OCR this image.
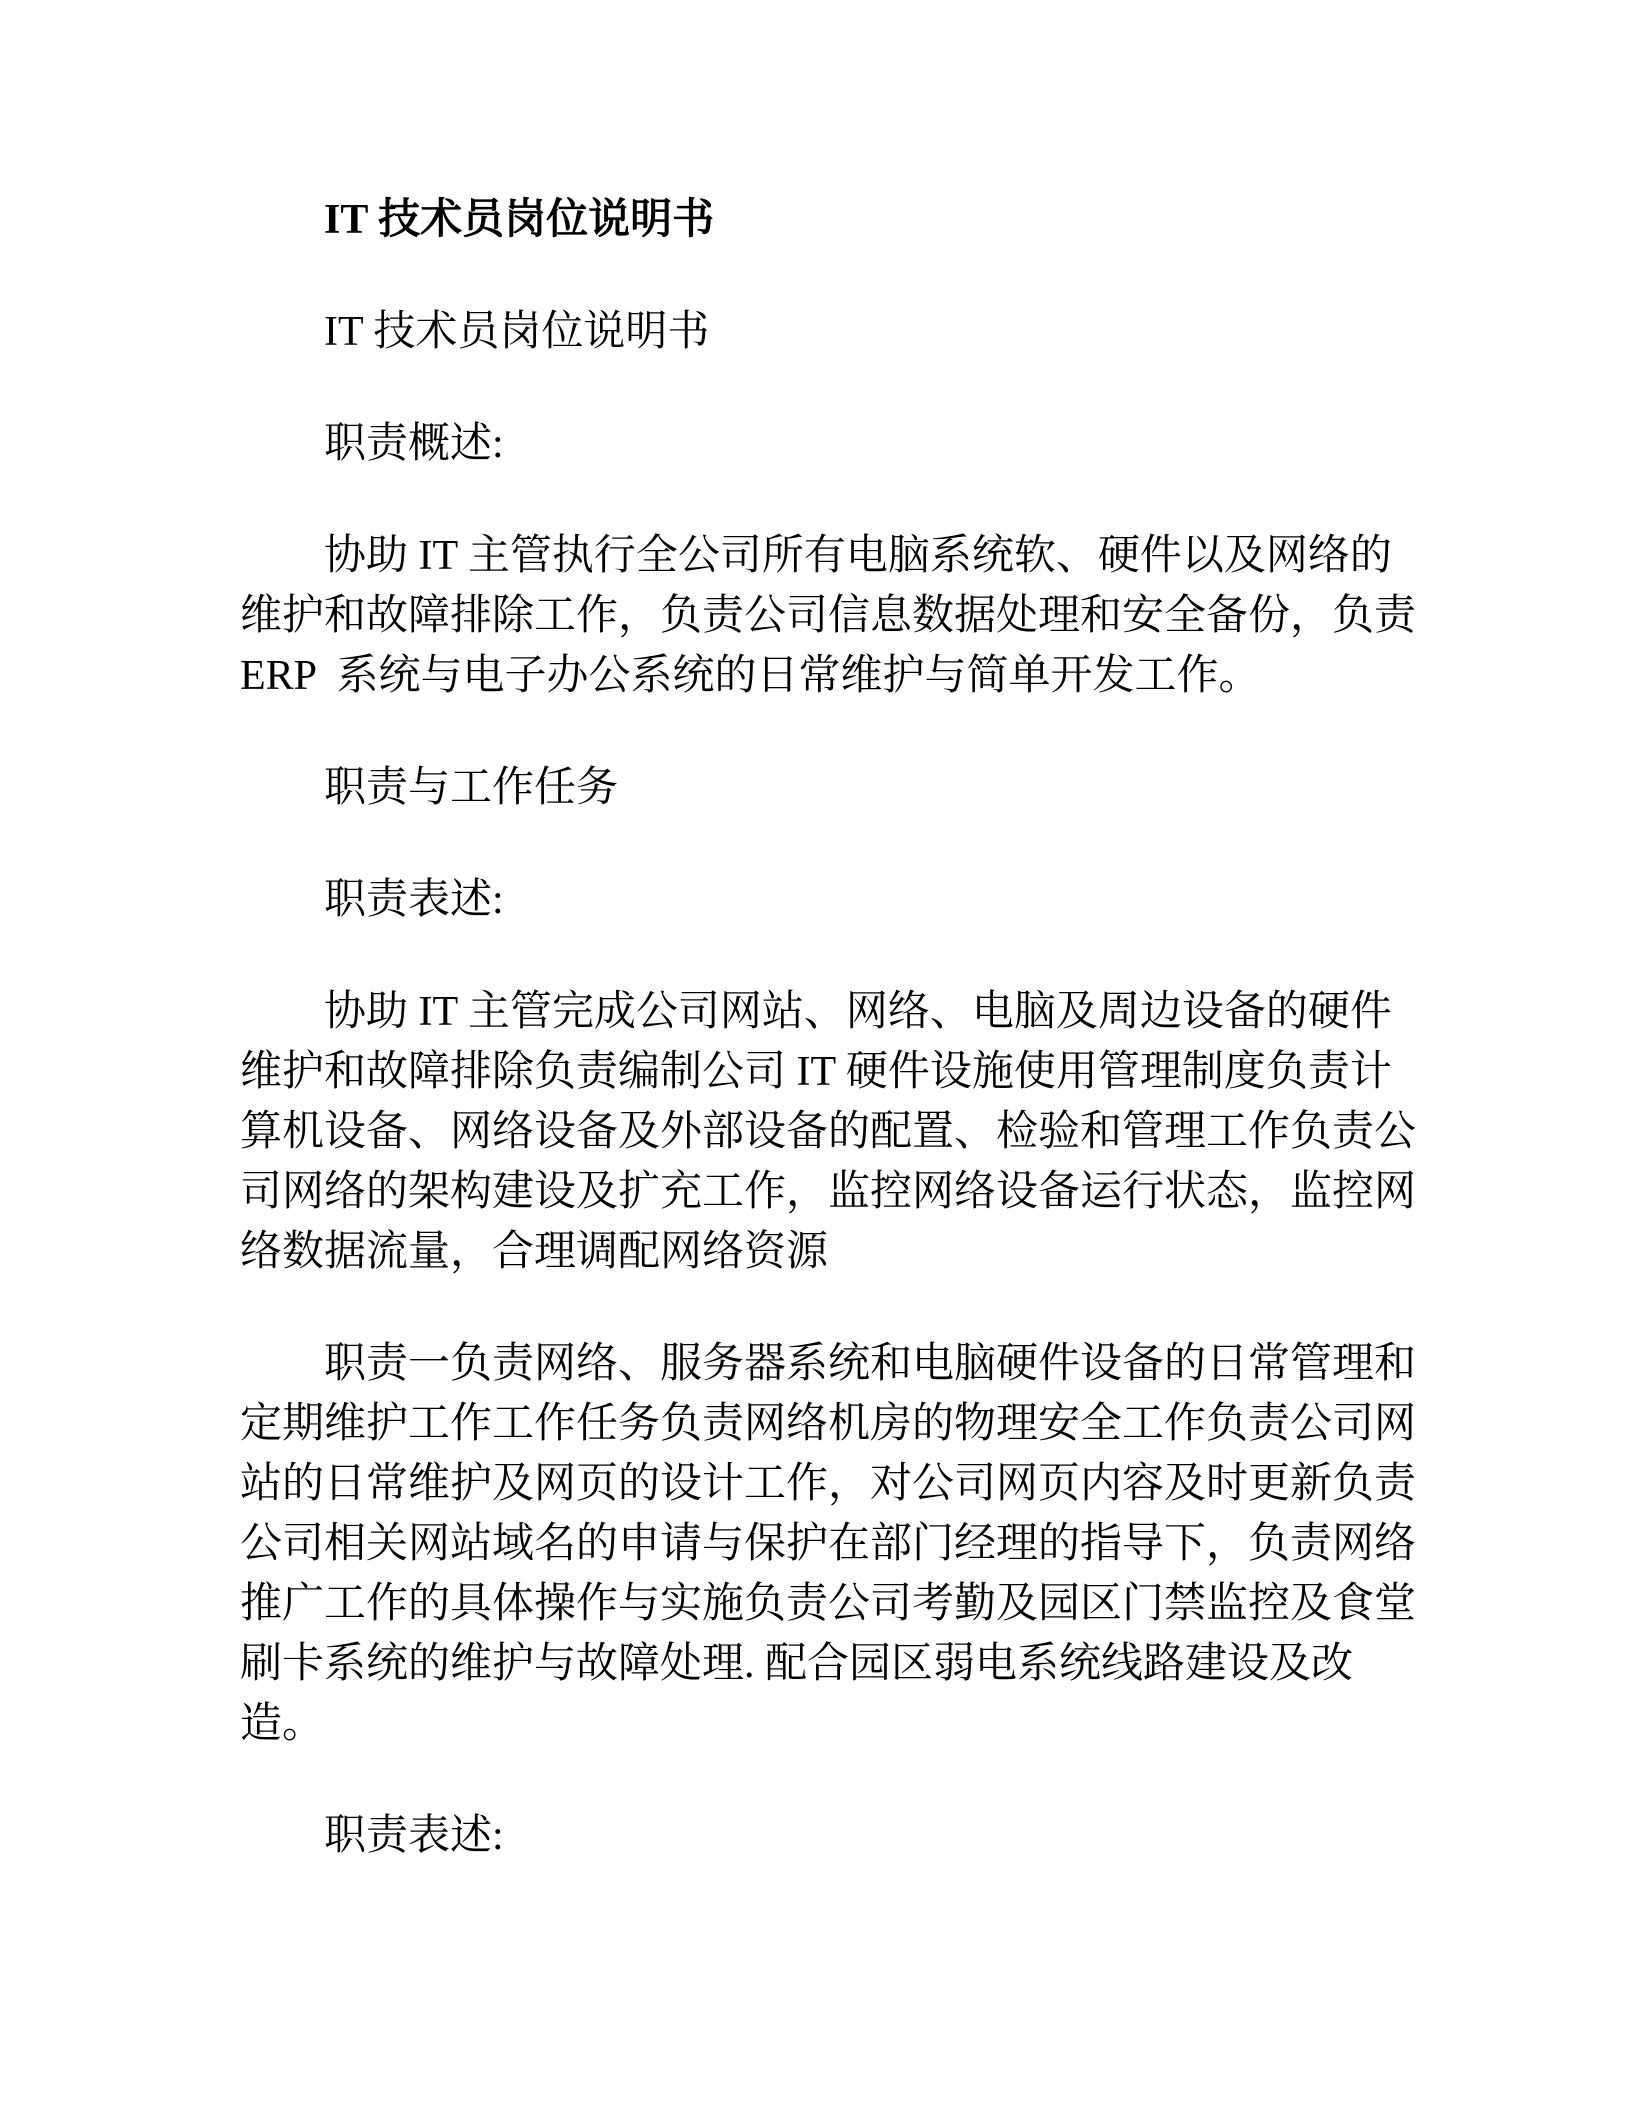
IT 技术员岗位说明书
IT 技术员岗位说明书
职责概述:
协助 IT 主管执行全公司所有电脑系统软、硬件以及网络的
维护和故障排除工作，负责公司信息数据处理和安全备份，负责
ERP  系统与电子办公系统的日常维护与简单开发工作。
职责与工作任务
职责表述:
协助 IT 主管完成公司网站、网络、电脑及周边设备的硬件
维护和故障排除负责编制公司 IT 硬件设施使用管理制度负责计
算机设备、网络设备及外部设备的配置、检验和管理工作负责公
司网络的架构建设及扩充工作，监控网络设备运行状态，监控网
络数据流量，合理调配网络资源
职责一负责网络、服务器系统和电脑硬件设备的日常管理和
定期维护工作工作任务负责网络机房的物理安全工作负责公司网
站的日常维护及网页的设计工作，对公司网页内容及时更新负责
公司相关网站域名的申请与保护在部门经理的指导下，负责网络
推广工作的具体操作与实施负责公司考勤及园区门禁监控及食堂
刷卡系统的维护与故障处理. 配合园区弱电系统线路建设及改
造。
职责表述:
